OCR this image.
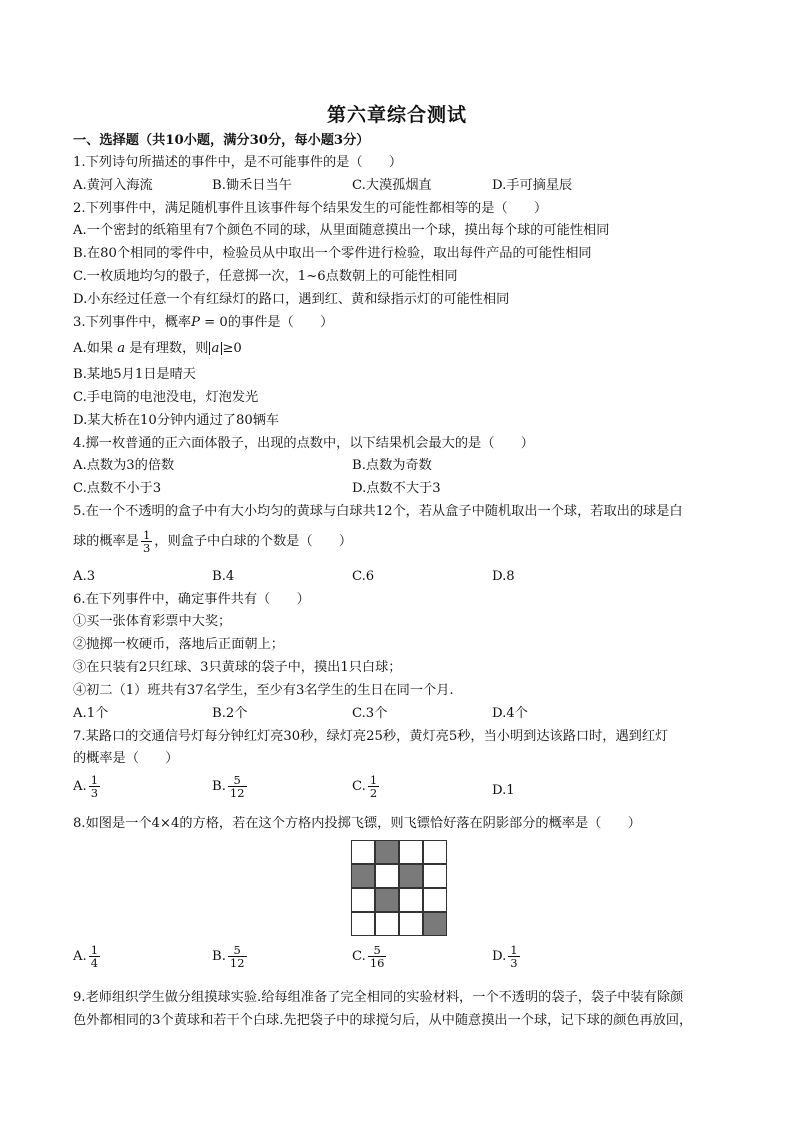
第六章综合测试
一、选择题（共10小题，满分30分，每小题3分）
1.下列诗句所描述的事件中，是不可能事件的是（　　）
A.黄河入海流	B.锄禾日当午	C.大漠孤烟直	D.手可摘星辰
2.下列事件中，满足随机事件且该事件每个结果发生的可能性都相等的是（　　）
A.一个密封的纸箱里有7个颜色不同的球，从里面随意摸出一个球，摸出每个球的可能性相同
B.在80个相同的零件中，检验员从中取出一个零件进行检验，取出每件产品的可能性相同
C.一枚质地均匀的骰子，任意掷一次，1~6点数朝上的可能性相同
D.小东经过任意一个有红绿灯的路口，遇到红、黄和绿指示灯的可能性相同
3.下列事件中，概率P = 0的事件是（　　）
A.如果 a 是有理数，则 a ≥0
B.某地5月1日是晴天
C.手电筒的电池没电，灯泡发光
D.某大桥在10分钟内通过了80辆车
4.掷一枚普通的正六面体骰子，出现的点数中，以下结果机会最大的是（　　）
A.点数为3的倍数	B.点数为奇数
C.点数不小于3	D.点数不大于3
5.在一个不透明的盒子中有大小均匀的黄球与白球共12个，若从盒子中随机取出一个球，若取出的球是白
球的概率是 $\frac{1}{3}$ ，则盒子中白球的个数是（　　）
A.3	B.4	C.6	D.8
6.在下列事件中，确定事件共有（　　）
①买一张体育彩票中大奖；
②抛掷一枚硬币，落地后正面朝上；
③在只装有2只红球、3只黄球的袋子中，摸出1只白球；
④初二（1）班共有37名学生，至少有3名学生的生日在同一个月.
A.1个	B.2个	C.3个	D.4个
7.某路口的交通信号灯每分钟红灯亮30秒，绿灯亮25秒，黄灯亮5秒，当小明到达该路口时，遇到红灯
的概率是（　　）
A. $\frac{1}{3}$	B. $\frac{5}{12}$	C. $\frac{1}{2}$	D.1
8.如图是一个4×4的方格，若在这个方格内投掷飞镖，则飞镖恰好落在阴影部分的概率是（　　）
A. $\frac{1}{4}$	B. $\frac{5}{12}$	C. $\frac{5}{16}$	D. $\frac{1}{3}$
9.老师组织学生做分组摸球实验.给每组准备了完全相同的实验材料，一个不透明的袋子，袋子中装有除颜
色外都相同的3个黄球和若干个白球.先把袋子中的球搅匀后，从中随意摸出一个球，记下球的颜色再放回，
